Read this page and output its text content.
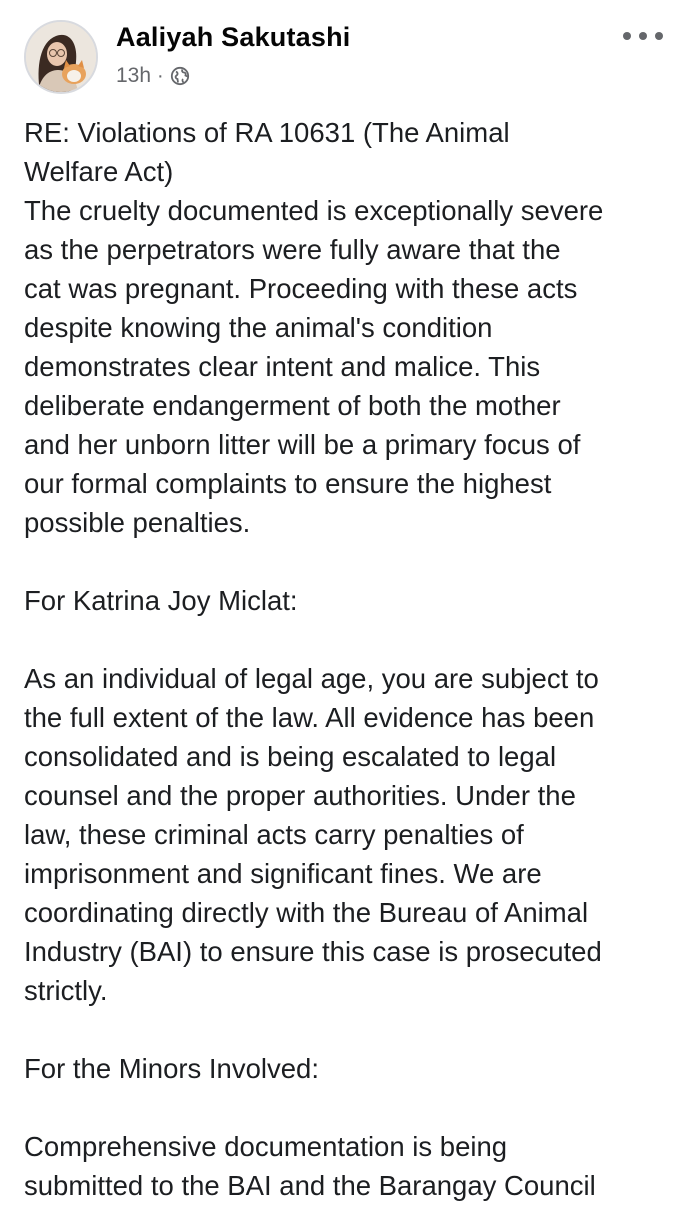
Aaliyah Sakutashi
13h ·

RE: Violations of RA 10631 (The Animal
Welfare Act)
The cruelty documented is exceptionally severe
as the perpetrators were fully aware that the
cat was pregnant. Proceeding with these acts
despite knowing the animal's condition
demonstrates clear intent and malice. This
deliberate endangerment of both the mother
and her unborn litter will be a primary focus of
our formal complaints to ensure the highest
possible penalties.

For Katrina Joy Miclat:

As an individual of legal age, you are subject to
the full extent of the law. All evidence has been
consolidated and is being escalated to legal
counsel and the proper authorities. Under the
law, these criminal acts carry penalties of
imprisonment and significant fines. We are
coordinating directly with the Bureau of Animal
Industry (BAI) to ensure this case is prosecuted
strictly.

For the Minors Involved:

Comprehensive documentation is being
submitted to the BAI and the Barangay Council
